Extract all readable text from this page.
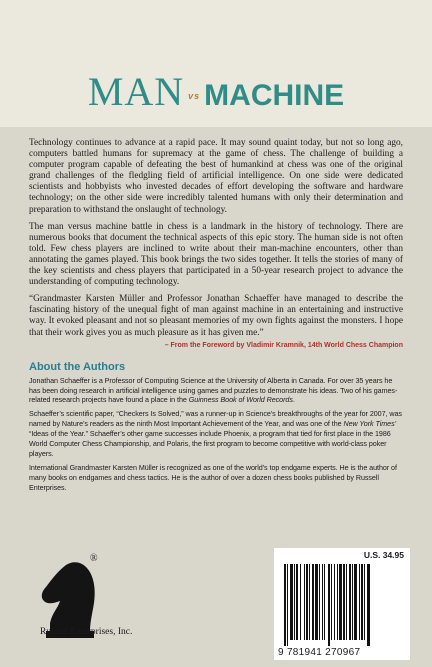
MAN vs MACHINE

Technology continues to advance at a rapid pace. It may sound quaint today, but not so long ago, computers battled humans for supremacy at the game of chess. The challenge of building a computer program capable of defeating the best of humankind at chess was one of the original grand challenges of the fledgling field of artificial intelligence. On one side were dedicated scientists and hobbyists who invested decades of effort developing the software and hardware technology; on the other side were incredibly talented humans with only their determination and preparation to withstand the onslaught of technology.

The man versus machine battle in chess is a landmark in the history of technology. There are numerous books that document the technical aspects of this epic story. The human side is not often told. Few chess players are inclined to write about their man-machine encounters, other than annotating the games played. This book brings the two sides together. It tells the stories of many of the key scientists and chess players that participated in a 50-year research project to advance the understanding of computing technology.

“Grandmaster Karsten Müller and Professor Jonathan Schaeffer have managed to describe the fascinating history of the unequal fight of man against machine in an entertaining and instructive way. It evoked pleasant and not so pleasant memories of my own fights against the monsters. I hope that their work gives you as much pleasure as it has given me.”

– From the Foreword by Vladimir Kramnik, 14th World Chess Champion
About the Authors

Jonathan Schaeffer is a Professor of Computing Science at the University of Alberta in Canada. For over 35 years he has been doing research in artificial intelligence using games and puzzles to demonstrate his ideas. Two of his games-related research projects have found a place in the Guinness Book of World Records.

Schaeffer’s scientific paper, “Checkers Is Solved,” was a runner-up in Science’s breakthroughs of the year for 2007, was named by Nature’s readers as the ninth Most Important Achievement of the Year, and was one of the New York Times’ “Ideas of the Year.” Schaeffer’s other game successes include Phoenix, a program that tied for first place in the 1986 World Computer Chess Championship, and Polaris, the first program to become competitive with world-class poker players.

International Grandmaster Karsten Müller is recognized as one of the world’s top endgame experts. He is the author of many books on endgames and chess tactics. He is the author of over a dozen chess books published by Russell Enterprises.

®
Russell Enterprises, Inc.
U.S. 34.95
9 781941 270967
